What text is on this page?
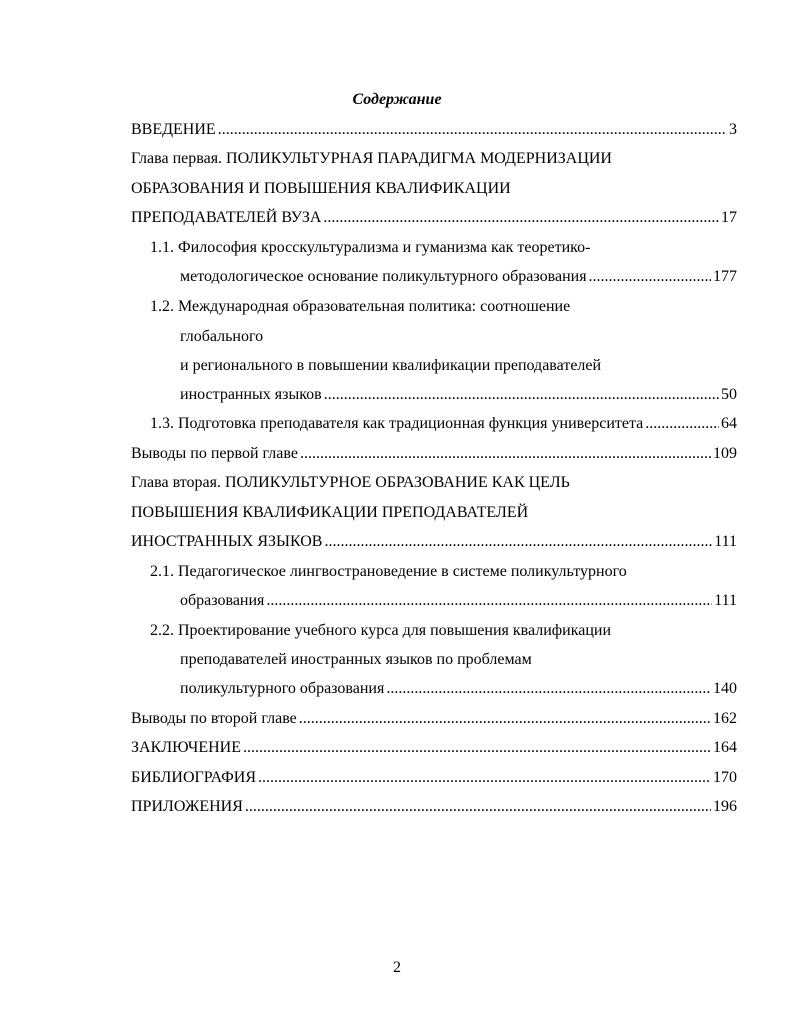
Содержание
ВВЕДЕНИЕ .....	3
Глава первая. ПОЛИКУЛЬТУРНАЯ ПАРАДИГМА МОДЕРНИЗАЦИИ
ОБРАЗОВАНИЯ И ПОВЫШЕНИЯ КВАЛИФИКАЦИИ
ПРЕПОДАВАТЕЛЕЙ ВУЗА .....	17
1.1. Философия кросскультурализма и гуманизма как теоретико-
методологическое основание поликультурного образования .....	177
1.2. Международная образовательная политика: соотношение
глобального
и регионального в повышении квалификации преподавателей
иностранных языков .....	50
1.3. Подготовка преподавателя как традиционная функция университета .....	64
Выводы по первой главе .....	109
Глава вторая. ПОЛИКУЛЬТУРНОЕ ОБРАЗОВАНИЕ КАК ЦЕЛЬ
ПОВЫШЕНИЯ КВАЛИФИКАЦИИ ПРЕПОДАВАТЕЛЕЙ
ИНОСТРАННЫХ ЯЗЫКОВ .....	111
2.1. Педагогическое лингвострановедение в системе поликультурного
образования .....	111
2.2. Проектирование учебного курса для повышения квалификации
преподавателей иностранных языков по проблемам
поликультурного образования .....	140
Выводы по второй главе .....	162
ЗАКЛЮЧЕНИЕ .....	164
БИБЛИОГРАФИЯ .....	170
ПРИЛОЖЕНИЯ .....	196
2
